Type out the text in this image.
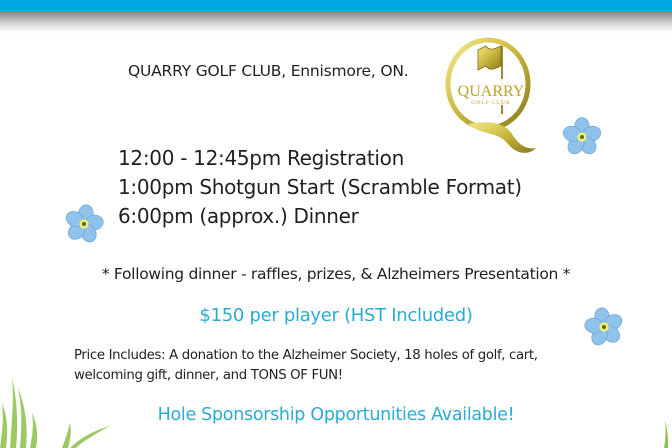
QUARRY GOLF CLUB, Ennismore, ON.
QUARRY
GOLF CLUB
12:00 - 12:45pm Registration
1:00pm Shotgun Start (Scramble Format)
6:00pm (approx.) Dinner
* Following dinner - raffles, prizes, & Alzheimers Presentation *
$150 per player (HST Included)
Price Includes: A donation to the Alzheimer Society, 18 holes of golf, cart,
welcoming gift, dinner, and TONS OF FUN!
Hole Sponsorship Opportunities Available!
